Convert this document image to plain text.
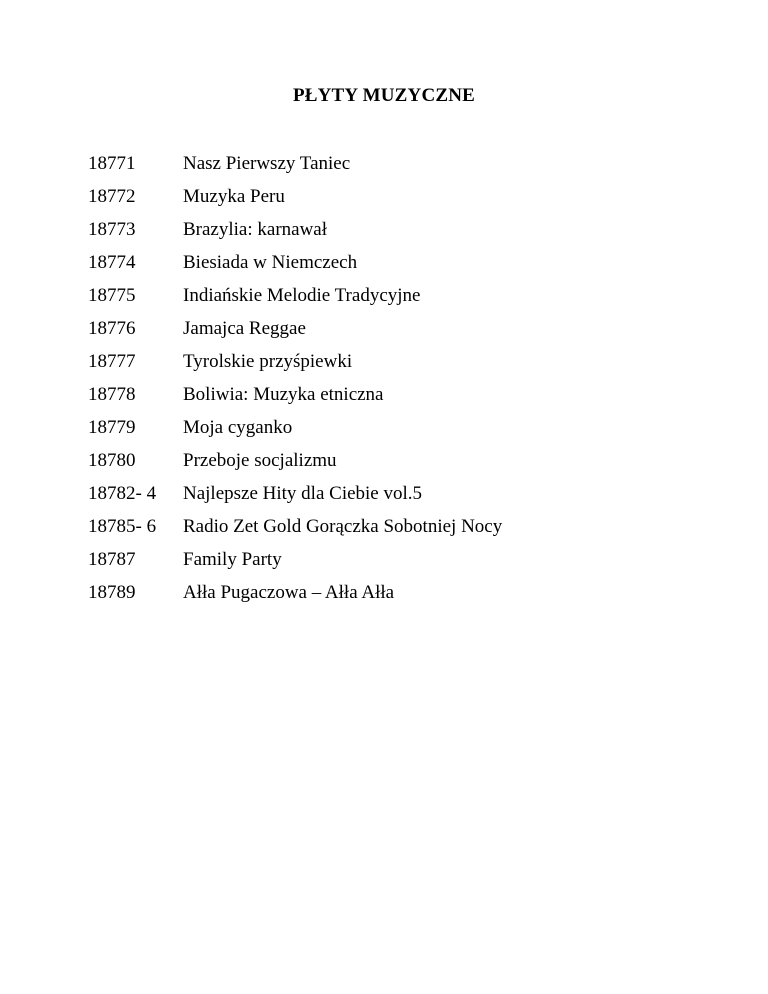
PŁYTY MUZYCZNE
18771	Nasz Pierwszy Taniec
18772	Muzyka Peru
18773	Brazylia: karnawał
18774	Biesiada w Niemczech
18775	Indiańskie Melodie Tradycyjne
18776	Jamajca Reggae
18777	Tyrolskie przyśpiewki
18778	Boliwia: Muzyka etniczna
18779	Moja cyganko
18780	Przeboje socjalizmu
18782- 4	Najlepsze Hity dla Ciebie vol.5
18785- 6	Radio Zet Gold Gorączka Sobotniej Nocy
18787	Family Party
18789	Ałła Pugaczowa – Ałła Ałła
